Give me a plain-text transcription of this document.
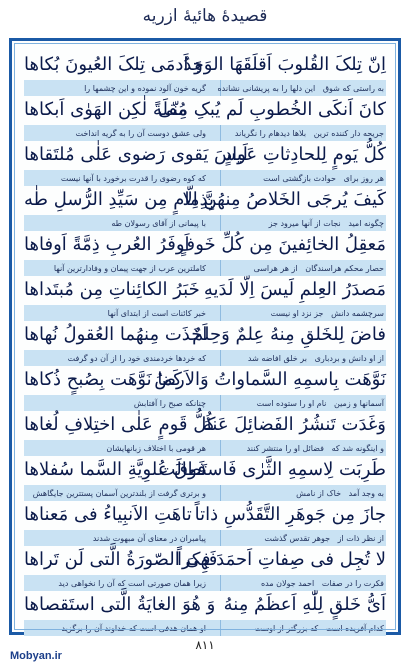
قصیدهٔ هائیهٔ ازریه
اِنّ تِلکَ القُلوبَ اَقلَقَهَا الوَجدُ
وَ اَدمَی تِلکَ العُیونَ بُکاها
به راستی که شوق   این دلها را به پریشانی نشانده
گریه خون آلود نموده و این چشمها را
کانَ اَنکَی الخُطوبِ لَم یُبکِ مِنّی
مُقلَةً لٰکِن الهَوٰی اَبکاها
جریحه دار کننده ترین   بلاها دیدهام را نگریاند
ولی عشق دوست آن را به گریه انداخت
کُلُّ یَومٍ لِلحادِثاتِ عَوادٍ
لَیسَ یَقوی رَضوی عَلٰی مُلتَقاها
هر روز برای   حوادث بازگشتی است
که کوه رضوی را قدرت برخورد با آنها نیست
کَیفَ یُرجَی الخَلاصُ مِنهُنَّ اِلّا
بِذِمامٍ مِن سَیِّدِ الرُّسلِ طٰه
چگونه امید   نجات از آنها میرود جز
با پیمانی از آقای رسولان طه
مَعقِلُ الخائِفینَ مِن کُلِّ خَوفٍ
اَوفَرُ العُربِ ذِمَّةً اَوفاها
حصار محکم هراسندگان   از هر هراسی
کاملترین عرب از جهت پیمان و وفادارترین آنها
مَصدَرُ العِلمِ لَیسَ اِلّا لَدَیهِ
خَبَرُ الکائِناتِ مِن مُبتَداها
سرچشمه دانش   جز نزد او نیست
خبر کائنات است از ابتدای آنها
فاضَ لِلخَلقِ مِنهُ عِلمٌ وَحِلمٌ
اَخَذَت مِنهُما العُقولُ نُهاها
از او دانش و بردباری   بر خلق افاضه شد
که خردها خردمندی خود را از آن دو گرفت
نَوَّهَت بِاسمِهِ السَّماواتُ وَالاَرضُ
کَما نَوَّهَت بِصُبحٍ ذُکاها
آسمانها و زمین   نام او را ستوده است
چنانکه صبح را آفتابش
وَغَدَت تَنشُرُ الفَضائِلَ عَنهُ
کُلُّ قَومٍ عَلٰی اختِلافِ لُغاها
و اینگونه شد که   فضائل او را منتشر کنند
هر قومی با اختلاف زبانهایشان
طَرِبَت لِاسمِهِ الثَّرٰی فَاستَطالَت
فَوقَ عُلوِیَّةِ السَّما سُفلاها
به وجد آمد   خاک از نامش
و برتری گرفت از بلندترین آسمان پستترین جایگاهش
جازَ مِن جَوهَرِ التَّقَدُّسِ ذاتاً
تاهَتِ الاَنبِیاءُ فی مَعناها
از نظر ذات از   جوهر تقدس گذشت
پیامبران در معنای آن مبهوت شدند
لا تُجِل فی صِفاتِ اَحمَدَ فِکراً
فَهِیَ الصّورَةُ الَّتی لَن تَراها
فکرت را در صفات   احمد جولان مده
زیرا همان صورتی است که آن را نخواهی دید
اَیُّ خَلقٍ لِلّٰهِ اَعظَمُ مِنهُ
وَ هُوَ الغایَةُ الَّتی استَقصاها
کدام آفریده است   که بزرگتر از اوست
او همان هدفی است که خداوند آن را برگزید
۸۱۱
Mobyan.ir
